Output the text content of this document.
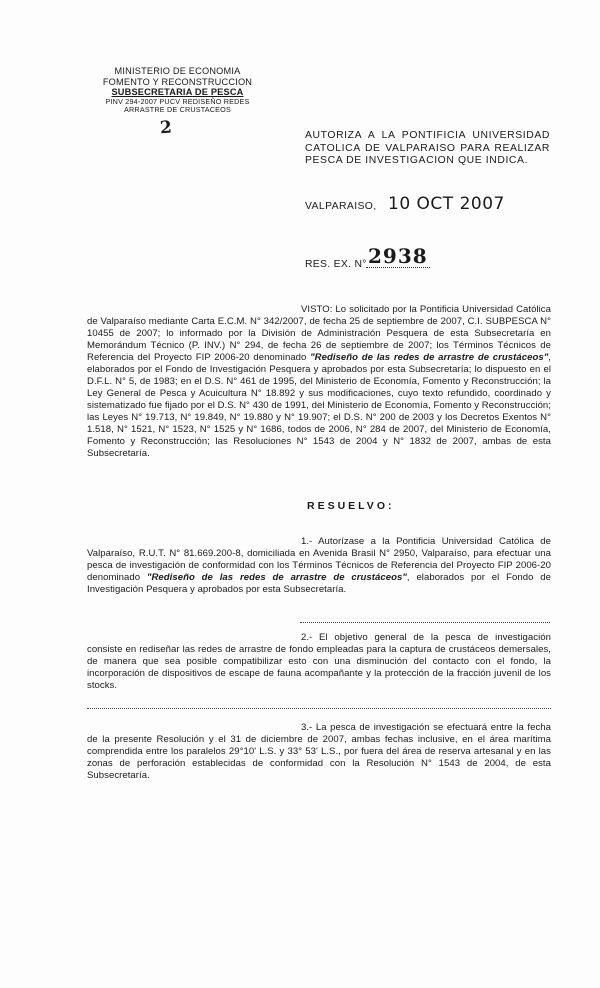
MINISTERIO DE ECONOMIA
FOMENTO Y RECONSTRUCCION
SUBSECRETARIA DE PESCA
PINV 294-2007 PUCV REDISEÑO REDES
ARRASTRE DE CRUSTACEOS
2	AUTORIZA A LA PONTIFICIA UNIVERSIDAD CATOLICA DE VALPARAISO PARA REALIZAR PESCA DE INVESTIGACION QUE INDICA.
VALPARAISO, 10 OCT 2007
RES. EX. N° 2938
VISTO: Lo solicitado por la Pontificia Universidad Católica de Valparaíso mediante Carta E.C.M. N° 342/2007, de fecha 25 de septiembre de 2007, C.I. SUBPESCA N° 10455 de 2007; lo informado por la División de Administración Pesquera de esta Subsecretaría en Memorándum Técnico (P. INV.) N° 294, de fecha 26 de septiembre de 2007; los Términos Técnicos de Referencia del Proyecto FIP 2006-20 denominado "Rediseño de las redes de arrastre de crustáceos", elaborados por el Fondo de Investigación Pesquera y aprobados por esta Subsecretaría; lo dispuesto en el D.F.L. N° 5, de 1983; en el D.S. N° 461 de 1995, del Ministerio de Economía, Fomento y Reconstrucción; la Ley General de Pesca y Acuicultura N° 18.892 y sus modificaciones, cuyo texto refundido, coordinado y sistematizado fue fijado por el D.S. N° 430 de 1991, del Ministerio de Economía, Fomento y Reconstrucción; las Leyes N° 19.713, N° 19.849, N° 19.880 y N° 19.907; el D.S. N° 200 de 2003 y los Decretos Exentos N° 1.518, N° 1521, N° 1523, N° 1525 y N° 1686, todos de 2006, N° 284 de 2007, del Ministerio de Economía, Fomento y Reconstrucción; las Resoluciones N° 1543 de 2004 y N° 1832 de 2007, ambas de esta Subsecretaría.
RESUELVO:
1.- Autorízase a la Pontificia Universidad Católica de Valparaíso, R.U.T. N° 81.669.200-8, domiciliada en Avenida Brasil N° 2950, Valparaíso, para efectuar una pesca de investigación de conformidad con los Términos Técnicos de Referencia del Proyecto FIP 2006-20 denominado "Rediseño de las redes de arrastre de crustáceos", elaborados por el Fondo de Investigación Pesquera y aprobados por esta Subsecretaría.
2.- El objetivo general de la pesca de investigación consiste en rediseñar las redes de arrastre de fondo empleadas para la captura de crustáceos demersales, de manera que sea posible compatibilizar esto con una disminución del contacto con el fondo, la incorporación de dispositivos de escape de fauna acompañante y la protección de la fracción juvenil de los stocks.
3.- La pesca de investigación se efectuará entre la fecha de la presente Resolución y el 31 de diciembre de 2007, ambas fechas inclusive, en el área marítima comprendida entre los paralelos 29°10' L.S. y 33° 53' L.S., por fuera del área de reserva artesanal y en las zonas de perforación establecidas de conformidad con la Resolución N° 1543 de 2004, de esta Subsecretaría.
